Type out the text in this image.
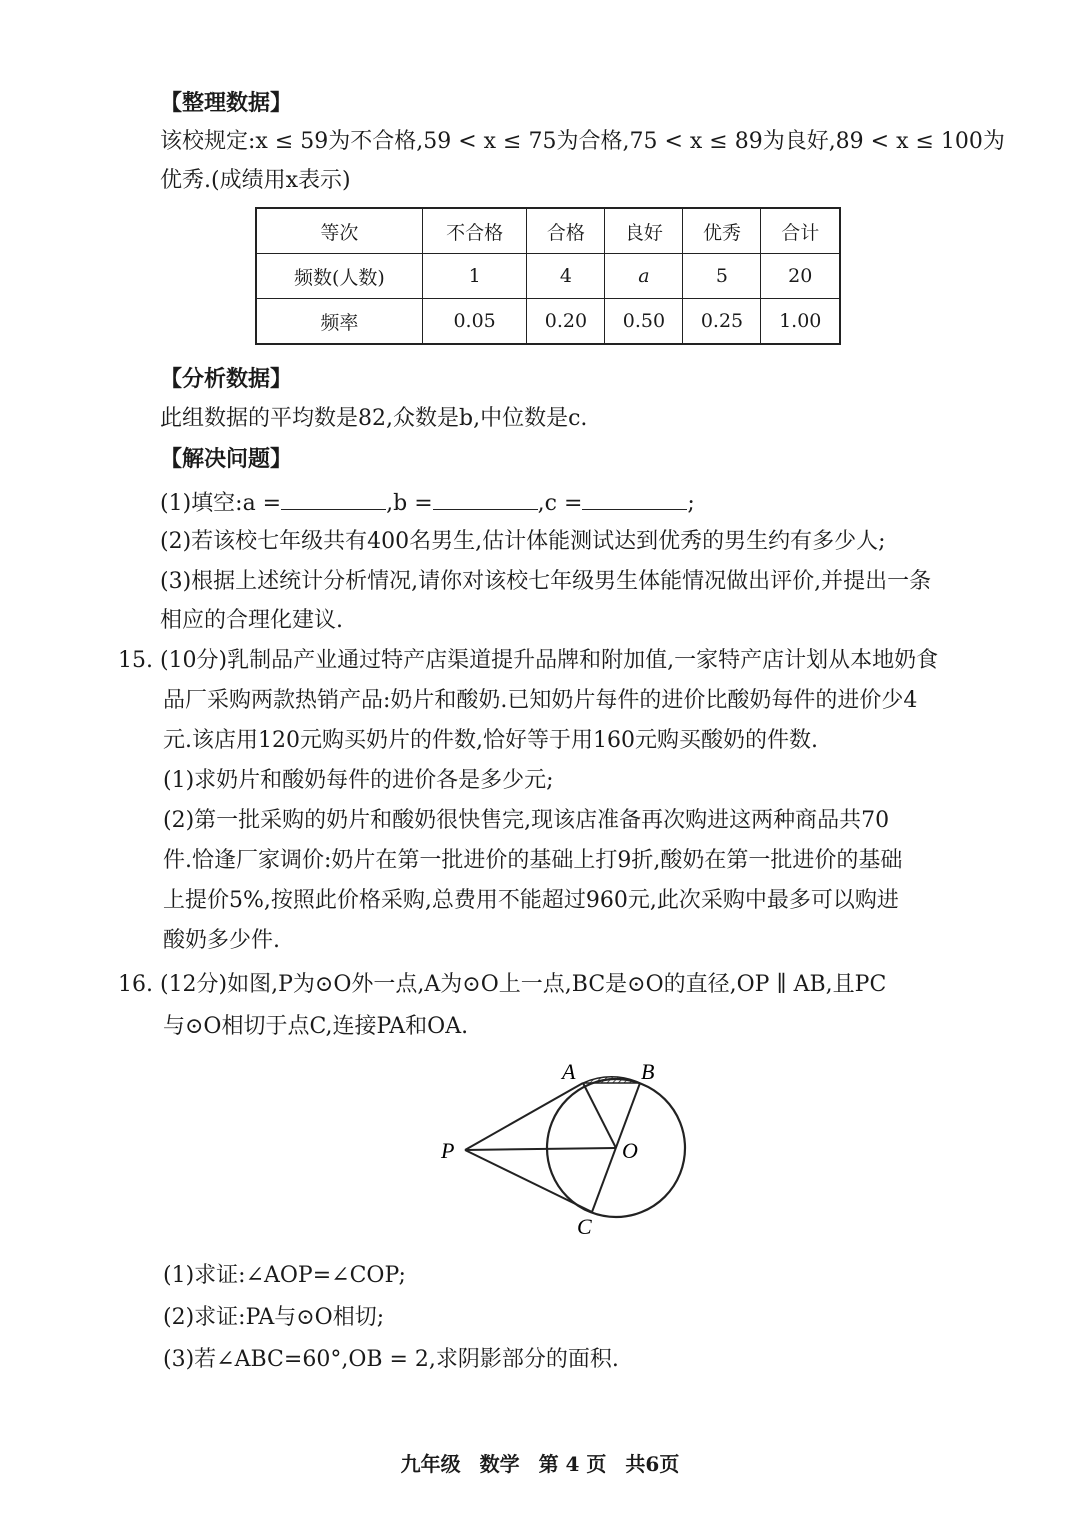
【整理数据】
该校规定:x ≤ 59为不合格,59 < x ≤ 75为合格,75 < x ≤ 89为良好,89 < x ≤ 100为
优秀.(成绩用x表示)
等次	不合格	合格	良好	优秀	合计
频数(人数)	1	4	a	5	20
频率	0.05	0.20	0.50	0.25	1.00
【分析数据】
此组数据的平均数是82,众数是b,中位数是c.
【解决问题】
(1)填空:a =	,b =	,c =	;
(2)若该校七年级共有400名男生,估计体能测试达到优秀的男生约有多少人;
(3)根据上述统计分析情况,请你对该校七年级男生体能情况做出评价,并提出一条
相应的合理化建议.
15. (10分)乳制品产业通过特产店渠道提升品牌和附加值,一家特产店计划从本地奶食
品厂采购两款热销产品:奶片和酸奶.已知奶片每件的进价比酸奶每件的进价少4
元.该店用120元购买奶片的件数,恰好等于用160元购买酸奶的件数.
(1)求奶片和酸奶每件的进价各是多少元;
(2)第一批采购的奶片和酸奶很快售完,现该店准备再次购进这两种商品共70
件.恰逢厂家调价:奶片在第一批进价的基础上打9折,酸奶在第一批进价的基础
上提价5%,按照此价格采购,总费用不能超过960元,此次采购中最多可以购进
酸奶多少件.
16. (12分)如图,P为⊙O外一点,A为⊙O上一点,BC是⊙O的直径,OP ∥ AB,且PC
与⊙O相切于点C,连接PA和OA.
A	B
P	O
C
(1)求证:∠AOP=∠COP;
(2)求证:PA与⊙O相切;
(3)若∠ABC=60°,OB = 2,求阴影部分的面积.
九年级 数学 第 4 页 共6页
